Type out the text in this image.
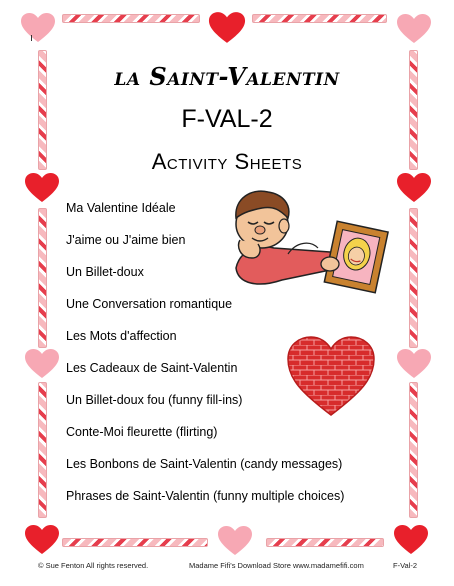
la Saint-Valentin
F-VAL-2
Activity Sheets
Ma Valentine Idéale
J'aime ou J'aime bien
Un Billet-doux
Une Conversation romantique
Les Mots d'affection
Les Cadeaux de Saint-Valentin
Un Billet-doux fou (funny fill-ins)
Conte-Moi fleurette (flirting)
Les Bonbons de Saint-Valentin (candy messages)
Phrases de Saint-Valentin (funny multiple choices)
© Sue Fenton All rights reserved.	Madame Fifi's Download Store www.madamefifi.com	F-Val-2
